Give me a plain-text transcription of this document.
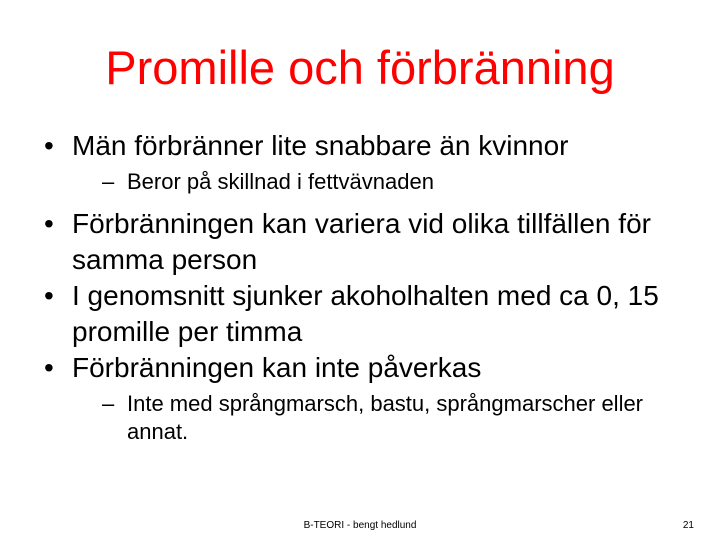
Promille och förbränning
• Män förbränner lite snabbare än kvinnor
– Beror på skillnad i fettvävnaden
• Förbränningen kan variera vid olika tillfällen för samma person
• I genomsnitt sjunker akoholhalten med ca 0, 15 promille per timma
• Förbränningen kan inte påverkas
– Inte med språngmarsch, bastu, språngmarscher eller annat.
B-TEORI - bengt hedlund	21
